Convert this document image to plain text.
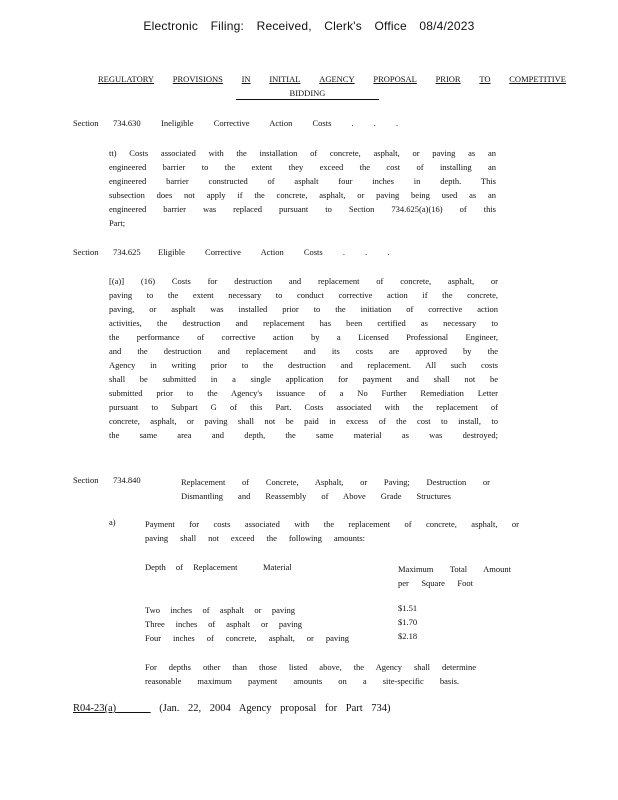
Electronic Filing: Received, Clerk's Office 08/4/2023
REGULATORY PROVISIONS IN INITIAL AGENCY PROPOSAL PRIOR TO COMPETITIVE
BIDDING
Section 734.630 Ineligible Corrective Action Costs . . .
tt) Costs associated with the installation of concrete, asphalt, or paving as an
engineered barrier to the extent they exceed the cost of installing an
engineered barrier constructed of asphalt four inches in depth. This
subsection does not apply if the concrete, asphalt, or paving being used as an
engineered barrier was replaced pursuant to Section 734.625(a)(16) of this
Part;
Section 734.625 Eligible Corrective Action Costs . . .
[(a)] (16) Costs for destruction and replacement of concrete, asphalt, or
paving to the extent necessary to conduct corrective action if the concrete,
paving, or asphalt was installed prior to the initiation of corrective action
activities, the destruction and replacement has been certified as necessary to
the performance of corrective action by a Licensed Professional Engineer,
and the destruction and replacement and its costs are approved by the
Agency in writing prior to the destruction and replacement. All such costs
shall be submitted in a single application for payment and shall not be
submitted prior to the Agency's issuance of a No Further Remediation Letter
pursuant to Subpart G of this Part. Costs associated with the replacement of
concrete, asphalt, or paving shall not be paid in excess of the cost to install, to
the same area and depth, the same material as was destroyed;
Section 734.840	Replacement of Concrete, Asphalt, or Paving; Destruction or
Dismantling and Reassembly of Above Grade Structures
a)	Payment for costs associated with the replacement of concrete, asphalt, or
paving shall not exceed the following amounts:
Depth of Replacement	Material	Maximum Total Amount
per Square Foot
Two inches of asphalt or paving	$1.51
Three inches of asphalt or paving	$1.70
Four inches of concrete, asphalt, or paving	$2.18
For depths other than those listed above, the Agency shall determine
reasonable maximum payment amounts on a site-specific basis.
R04-23(a)	(Jan. 22, 2004 Agency proposal for Part 734)
